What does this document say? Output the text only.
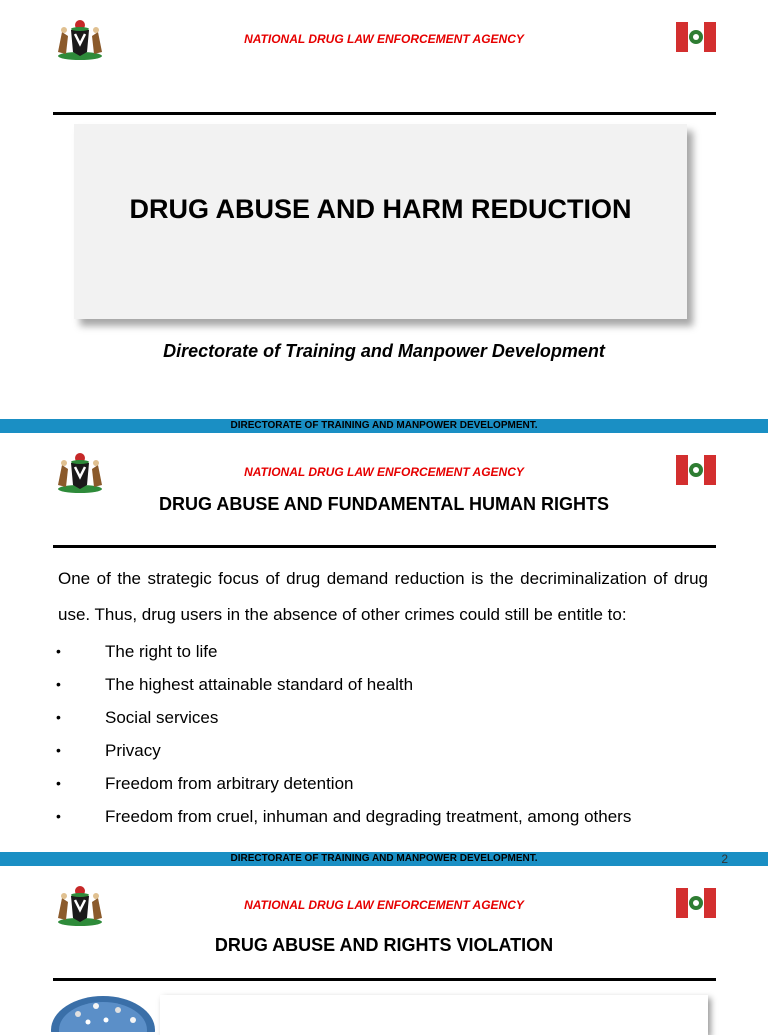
NATIONAL DRUG LAW ENFORCEMENT AGENCY
DRUG ABUSE AND HARM REDUCTION
Directorate of Training and Manpower Development
DIRECTORATE OF TRAINING AND MANPOWER DEVELOPMENT.
NATIONAL DRUG LAW ENFORCEMENT AGENCY
DRUG ABUSE AND FUNDAMENTAL HUMAN RIGHTS
One of the strategic focus of drug demand reduction is the decriminalization of drug use. Thus, drug users in the absence of other crimes could still be entitle to:
•	The right to life
•	The highest attainable standard of health
•	Social services
•	Privacy
•	Freedom from arbitrary detention
•	Freedom from cruel, inhuman and degrading treatment, among others
DIRECTORATE OF TRAINING AND MANPOWER DEVELOPMENT.	2
NATIONAL DRUG LAW ENFORCEMENT AGENCY
DRUG ABUSE AND RIGHTS VIOLATION
